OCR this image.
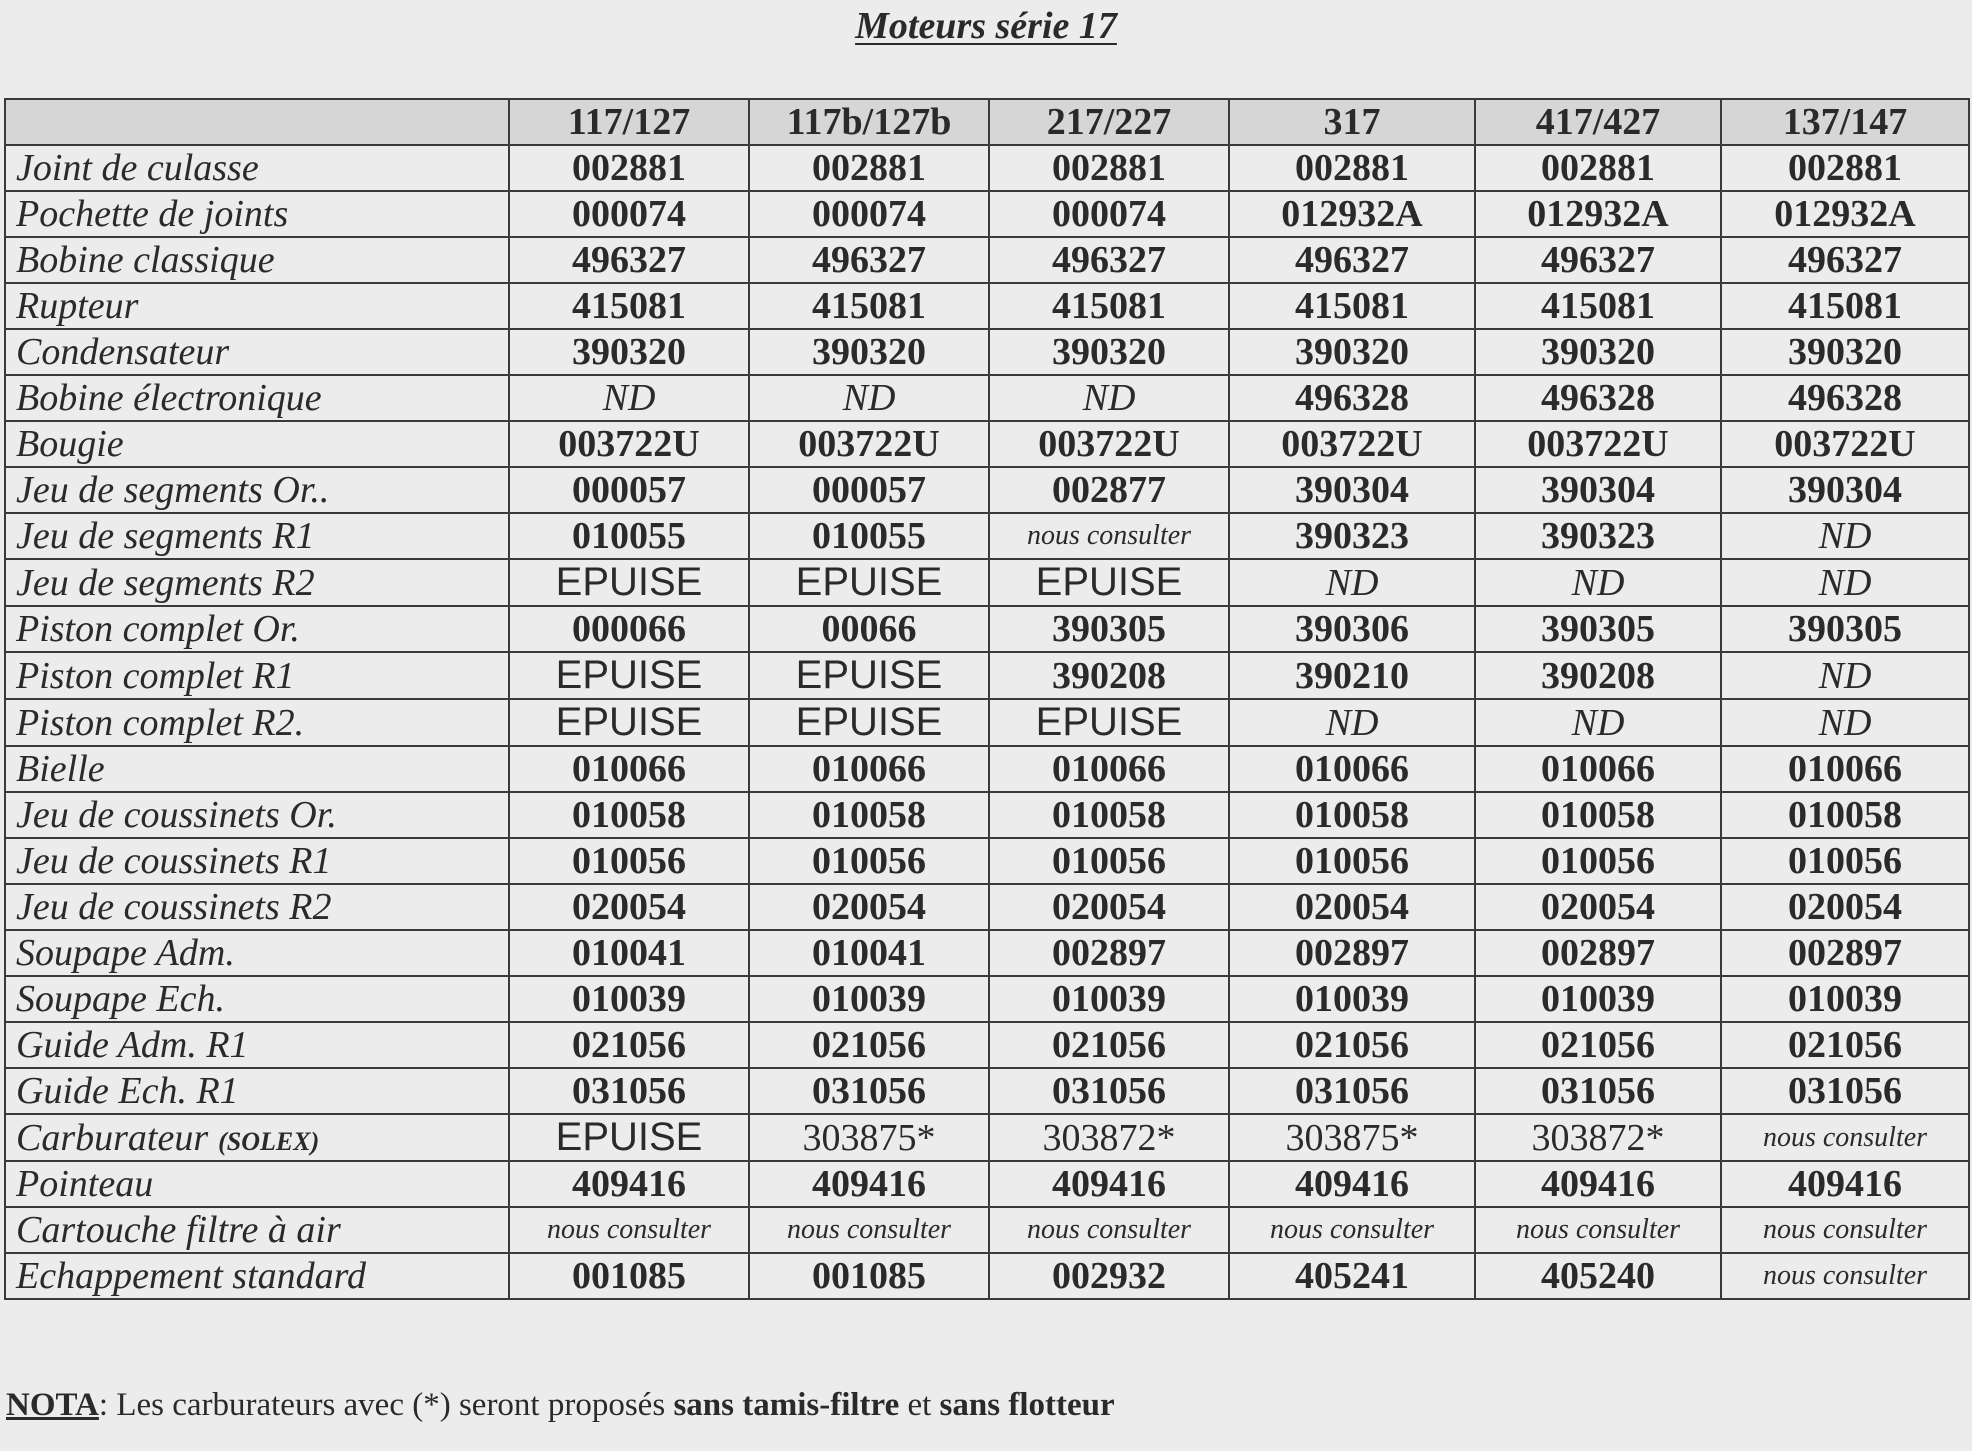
Moteurs série 17
	117/127	117b/127b	217/227	317	417/427	137/147
Joint de culasse	002881	002881	002881	002881	002881	002881
Pochette de joints	000074	000074	000074	012932A	012932A	012932A
Bobine classique	496327	496327	496327	496327	496327	496327
Rupteur	415081	415081	415081	415081	415081	415081
Condensateur	390320	390320	390320	390320	390320	390320
Bobine électronique	ND	ND	ND	496328	496328	496328
Bougie	003722U	003722U	003722U	003722U	003722U	003722U
Jeu de segments Or..	000057	000057	002877	390304	390304	390304
Jeu de segments R1	010055	010055	nous consulter	390323	390323	ND
Jeu de segments R2	EPUISE	EPUISE	EPUISE	ND	ND	ND
Piston complet Or.	000066	00066	390305	390306	390305	390305
Piston complet R1	EPUISE	EPUISE	390208	390210	390208	ND
Piston complet R2.	EPUISE	EPUISE	EPUISE	ND	ND	ND
Bielle	010066	010066	010066	010066	010066	010066
Jeu de coussinets Or.	010058	010058	010058	010058	010058	010058
Jeu de coussinets R1	010056	010056	010056	010056	010056	010056
Jeu de coussinets R2	020054	020054	020054	020054	020054	020054
Soupape Adm.	010041	010041	002897	002897	002897	002897
Soupape Ech.	010039	010039	010039	010039	010039	010039
Guide Adm. R1	021056	021056	021056	021056	021056	021056
Guide Ech. R1	031056	031056	031056	031056	031056	031056
Carburateur (SOLEX)	EPUISE	303875*	303872*	303875*	303872*	nous consulter
Pointeau	409416	409416	409416	409416	409416	409416
Cartouche filtre à air	nous consulter	nous consulter	nous consulter	nous consulter	nous consulter	nous consulter
Echappement standard	001085	001085	002932	405241	405240	nous consulter
NOTA: Les carburateurs avec (*) seront proposés sans tamis-filtre et sans flotteur
